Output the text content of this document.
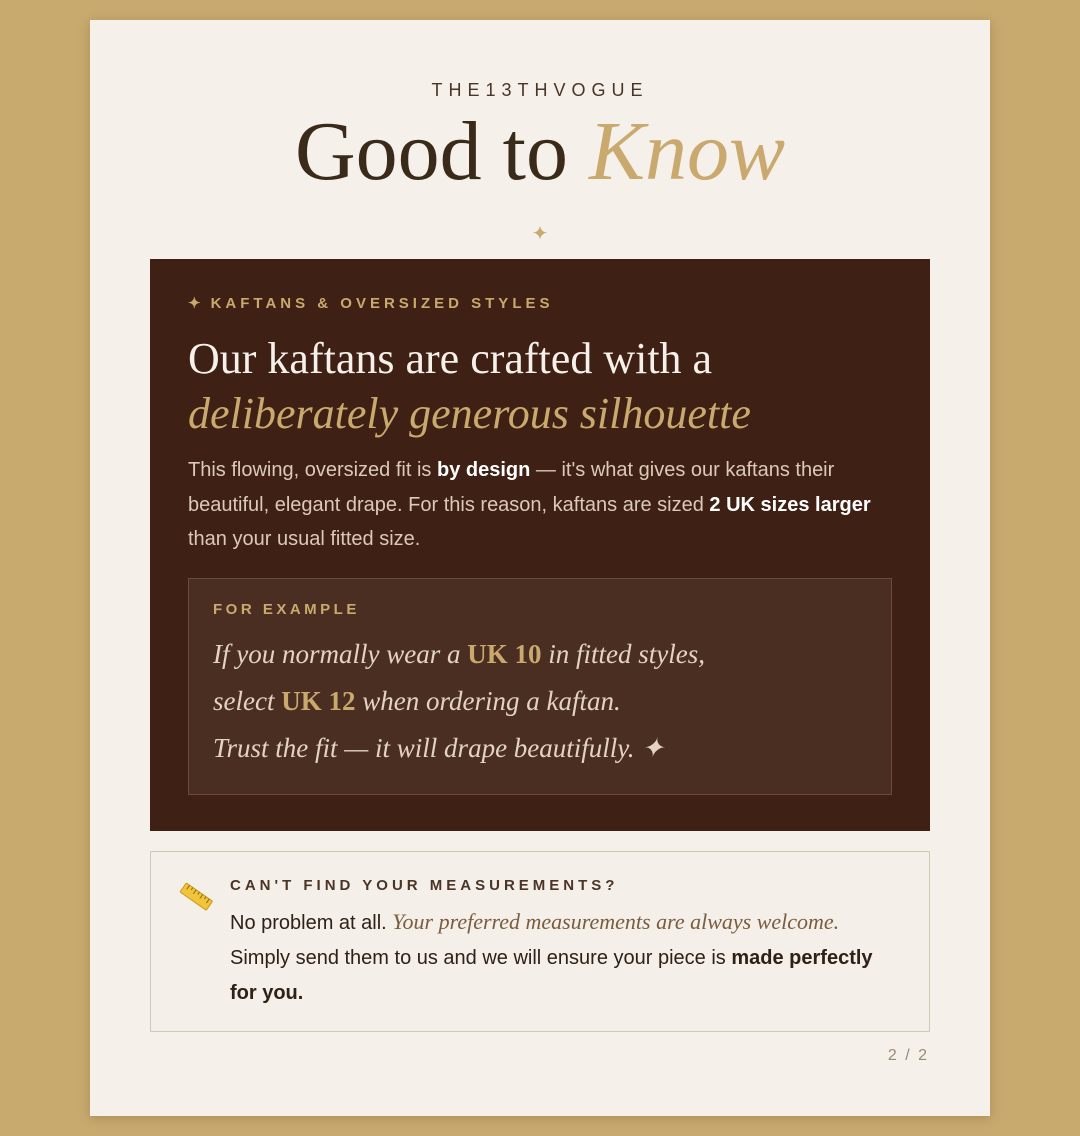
THE13THVOGUE
Good to Know
✦
✦ KAFTANS & OVERSIZED STYLES
Our kaftans are crafted with a
deliberately generous silhouette

This flowing, oversized fit is by design — it's what gives our kaftans their beautiful, elegant drape. For this reason, kaftans are sized 2 UK sizes larger than your usual fitted size.

FOR EXAMPLE
If you normally wear a UK 10 in fitted styles,
select UK 12 when ordering a kaftan.
Trust the fit — it will drape beautifully. ✦
CAN'T FIND YOUR MEASUREMENTS?

No problem at all. Your preferred measurements are always welcome. Simply send them to us and we will ensure your piece is made perfectly for you.

2 / 2
